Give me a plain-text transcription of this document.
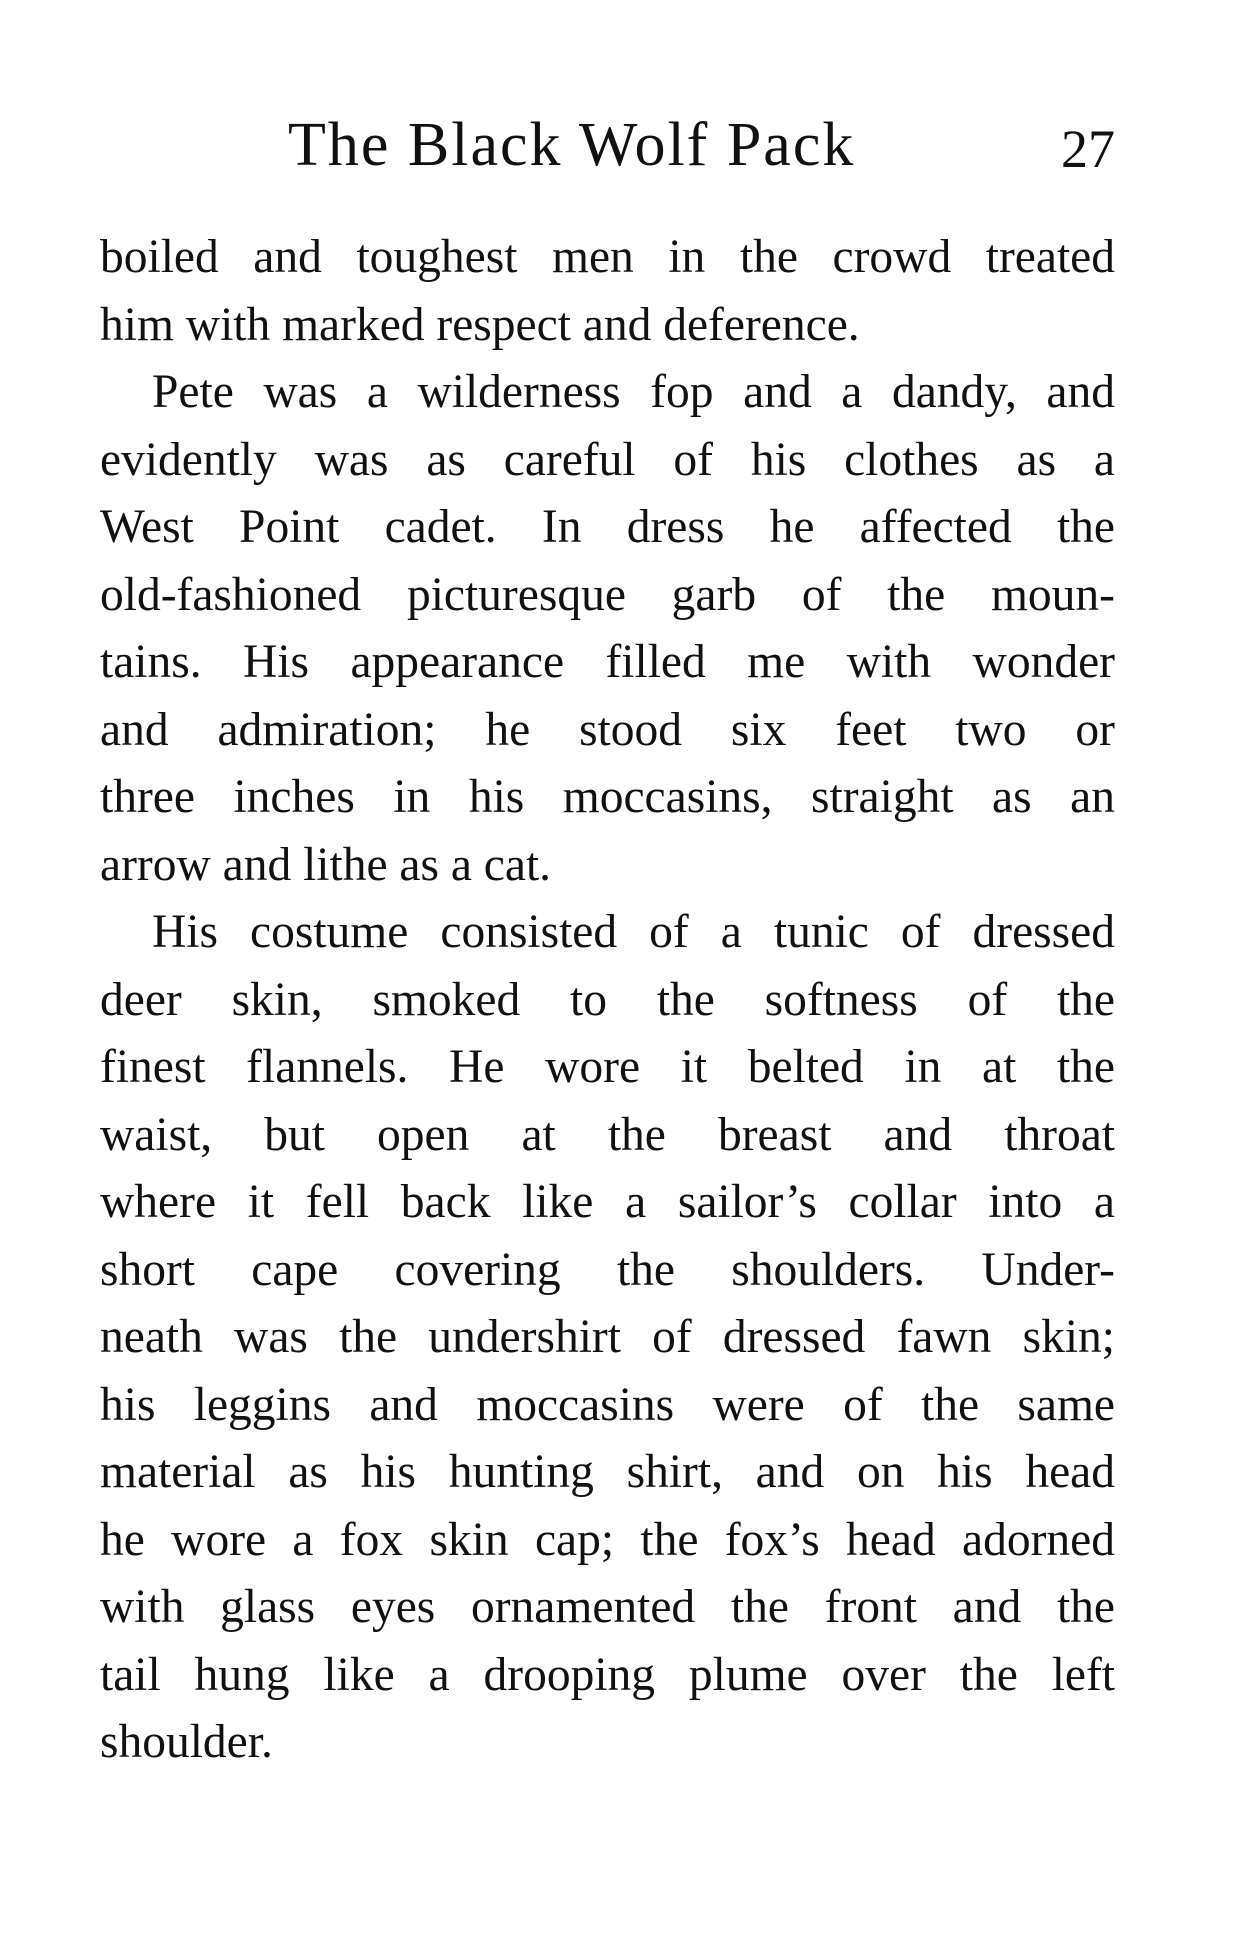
The Black Wolf Pack	27
boiled and toughest men in the crowd treated
him with marked respect and deference.
Pete was a wilderness fop and a dandy, and
evidently was as careful of his clothes as a
West Point cadet. In dress he affected the
old-fashioned picturesque garb of the moun-
tains. His appearance filled me with wonder
and admiration; he stood six feet two or
three inches in his moccasins, straight as an
arrow and lithe as a cat.
His costume consisted of a tunic of dressed
deer skin, smoked to the softness of the
finest flannels. He wore it belted in at the
waist, but open at the breast and throat
where it fell back like a sailor’s collar into a
short cape covering the shoulders. Under-
neath was the undershirt of dressed fawn skin;
his leggins and moccasins were of the same
material as his hunting shirt, and on his head
he wore a fox skin cap; the fox’s head adorned
with glass eyes ornamented the front and the
tail hung like a drooping plume over the left
shoulder.
